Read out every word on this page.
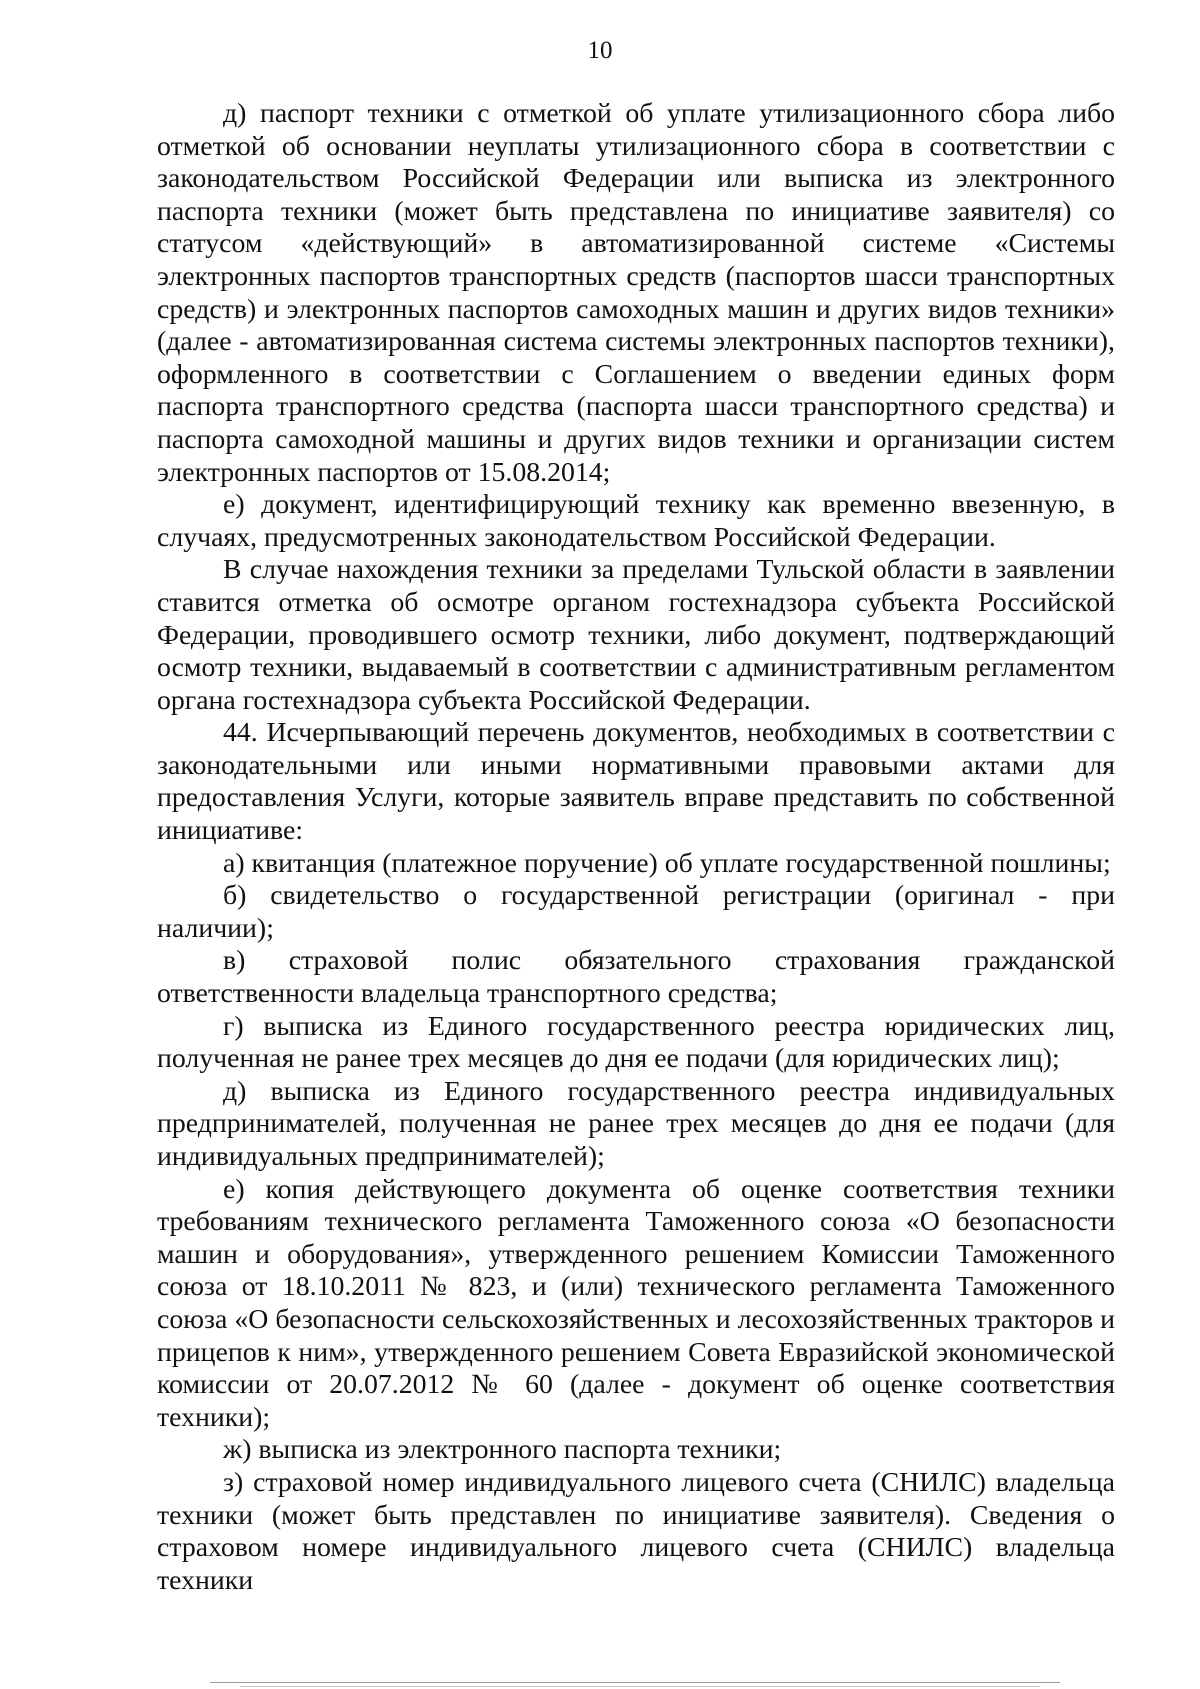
10

д) паспорт техники с отметкой об уплате утилизационного сбора либо отметкой об основании неуплаты утилизационного сбора в соответствии с законодательством Российской Федерации или выписка из электронного паспорта техники (может быть представлена по инициативе заявителя) со статусом «действующий» в автоматизированной системе «Системы электронных паспортов транспортных средств (паспортов шасси транспортных средств) и электронных паспортов самоходных машин и других видов техники» (далее - автоматизированная система системы электронных паспортов техники), оформленного в соответствии с Соглашением о введении единых форм паспорта транспортного средства (паспорта шасси транспортного средства) и паспорта самоходной машины и других видов техники и организации систем электронных паспортов от 15.08.2014;

е) документ, идентифицирующий технику как временно ввезенную, в случаях, предусмотренных законодательством Российской Федерации.

В случае нахождения техники за пределами Тульской области в заявлении ставится отметка об осмотре органом гостехнадзора субъекта Российской Федерации, проводившего осмотр техники, либо документ, подтверждающий осмотр техники, выдаваемый в соответствии с административным регламентом органа гостехнадзора субъекта Российской Федерации.

44. Исчерпывающий перечень документов, необходимых в соответствии с законодательными или иными нормативными правовыми актами для предоставления Услуги, которые заявитель вправе представить по собственной инициативе:

а) квитанция (платежное поручение) об уплате государственной пошлины;

б) свидетельство о государственной регистрации (оригинал - при наличии);

в) страховой полис обязательного страхования гражданской ответственности владельца транспортного средства;

г) выписка из Единого государственного реестра юридических лиц, полученная не ранее трех месяцев до дня ее подачи (для юридических лиц);

д) выписка из Единого государственного реестра индивидуальных предпринимателей, полученная не ранее трех месяцев до дня ее подачи (для индивидуальных предпринимателей);

е) копия действующего документа об оценке соответствия техники требованиям технического регламента Таможенного союза «О безопасности машин и оборудования», утвержденного решением Комиссии Таможенного союза от 18.10.2011 № 823, и (или) технического регламента Таможенного союза «О безопасности сельскохозяйственных и лесохозяйственных тракторов и прицепов к ним», утвержденного решением Совета Евразийской экономической комиссии от 20.07.2012 № 60 (далее - документ об оценке соответствия техники);

ж) выписка из электронного паспорта техники;

з) страховой номер индивидуального лицевого счета (СНИЛС) владельца техники (может быть представлен по инициативе заявителя). Сведения о страховом номере индивидуального лицевого счета (СНИЛС) владельца техники
